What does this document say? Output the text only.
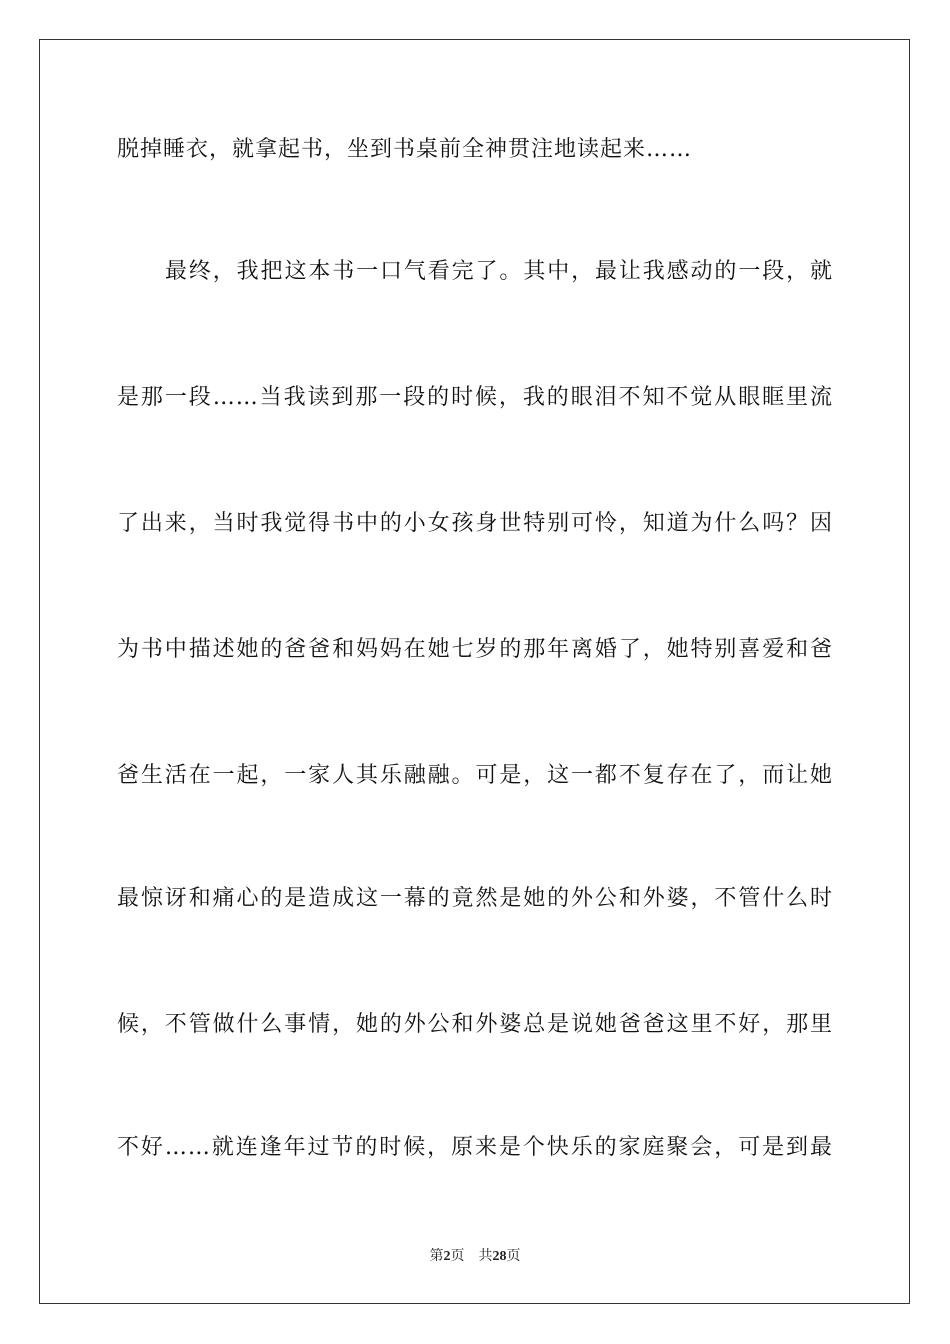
脱掉睡衣，就拿起书，坐到书桌前全神贯注地读起来……
最终，我把这本书一口气看完了。其中，最让我感动的一段，就
是那一段……当我读到那一段的时候，我的眼泪不知不觉从眼眶里流
了出来，当时我觉得书中的小女孩身世特别可怜，知道为什么吗？因
为书中描述她的爸爸和妈妈在她七岁的那年离婚了，她特别喜爱和爸
爸生活在一起，一家人其乐融融。可是，这一都不复存在了，而让她
最惊讶和痛心的是造成这一幕的竟然是她的外公和外婆，不管什么时
候，不管做什么事情，她的外公和外婆总是说她爸爸这里不好，那里
不好……就连逢年过节的时候，原来是个快乐的家庭聚会，可是到最
第2页 共28页
